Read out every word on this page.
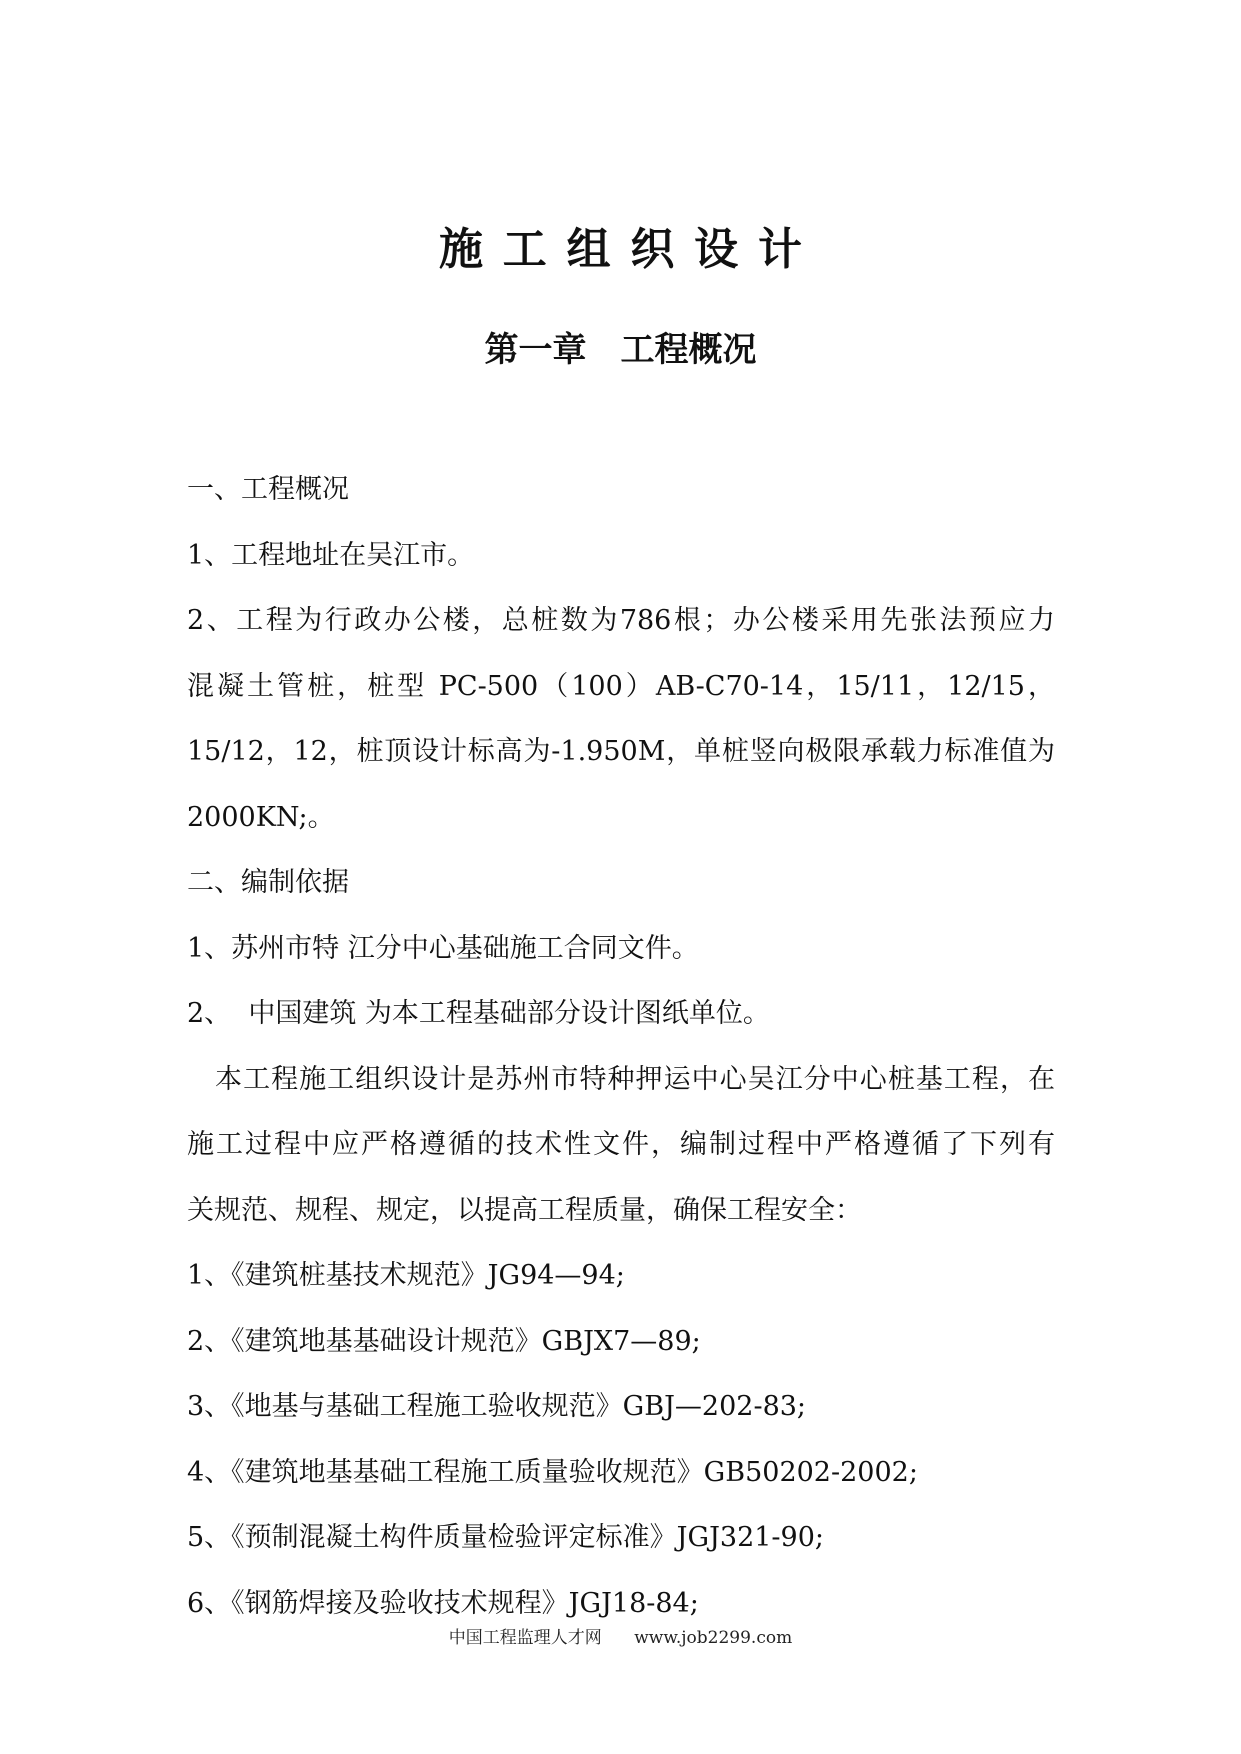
施工组织设计
第一章　工程概况

一、工程概况

1、工程地址在吴江市。

2、工程为行政办公楼，总桩数为786根；办公楼采用先张法预应力

混凝土管桩，桩型 PC-500（100）AB-C70-14，15/11，12/15，

15/12，12，桩顶设计标高为-1.950M，单桩竖向极限承载力标准值为

2000KN;。

二、编制依据

1、苏州市特 江分中心基础施工合同文件。

2、  中国建筑 为本工程基础部分设计图纸单位。

　本工程施工组织设计是苏州市特种押运中心吴江分中心桩基工程，在

施工过程中应严格遵循的技术性文件，编制过程中严格遵循了下列有

关规范、规程、规定，以提高工程质量，确保工程安全：

1、《建筑桩基技术规范》JG94—94;

2、《建筑地基基础设计规范》GBJX7—89;

3、《地基与基础工程施工验收规范》GBJ—202-83;

4、《建筑地基基础工程施工质量验收规范》GB50202-2002;

5、《预制混凝土构件质量检验评定标准》JGJ321-90;

6、《钢筋焊接及验收技术规程》JGJ18-84;

中国工程监理人才网 www.job2299.com
